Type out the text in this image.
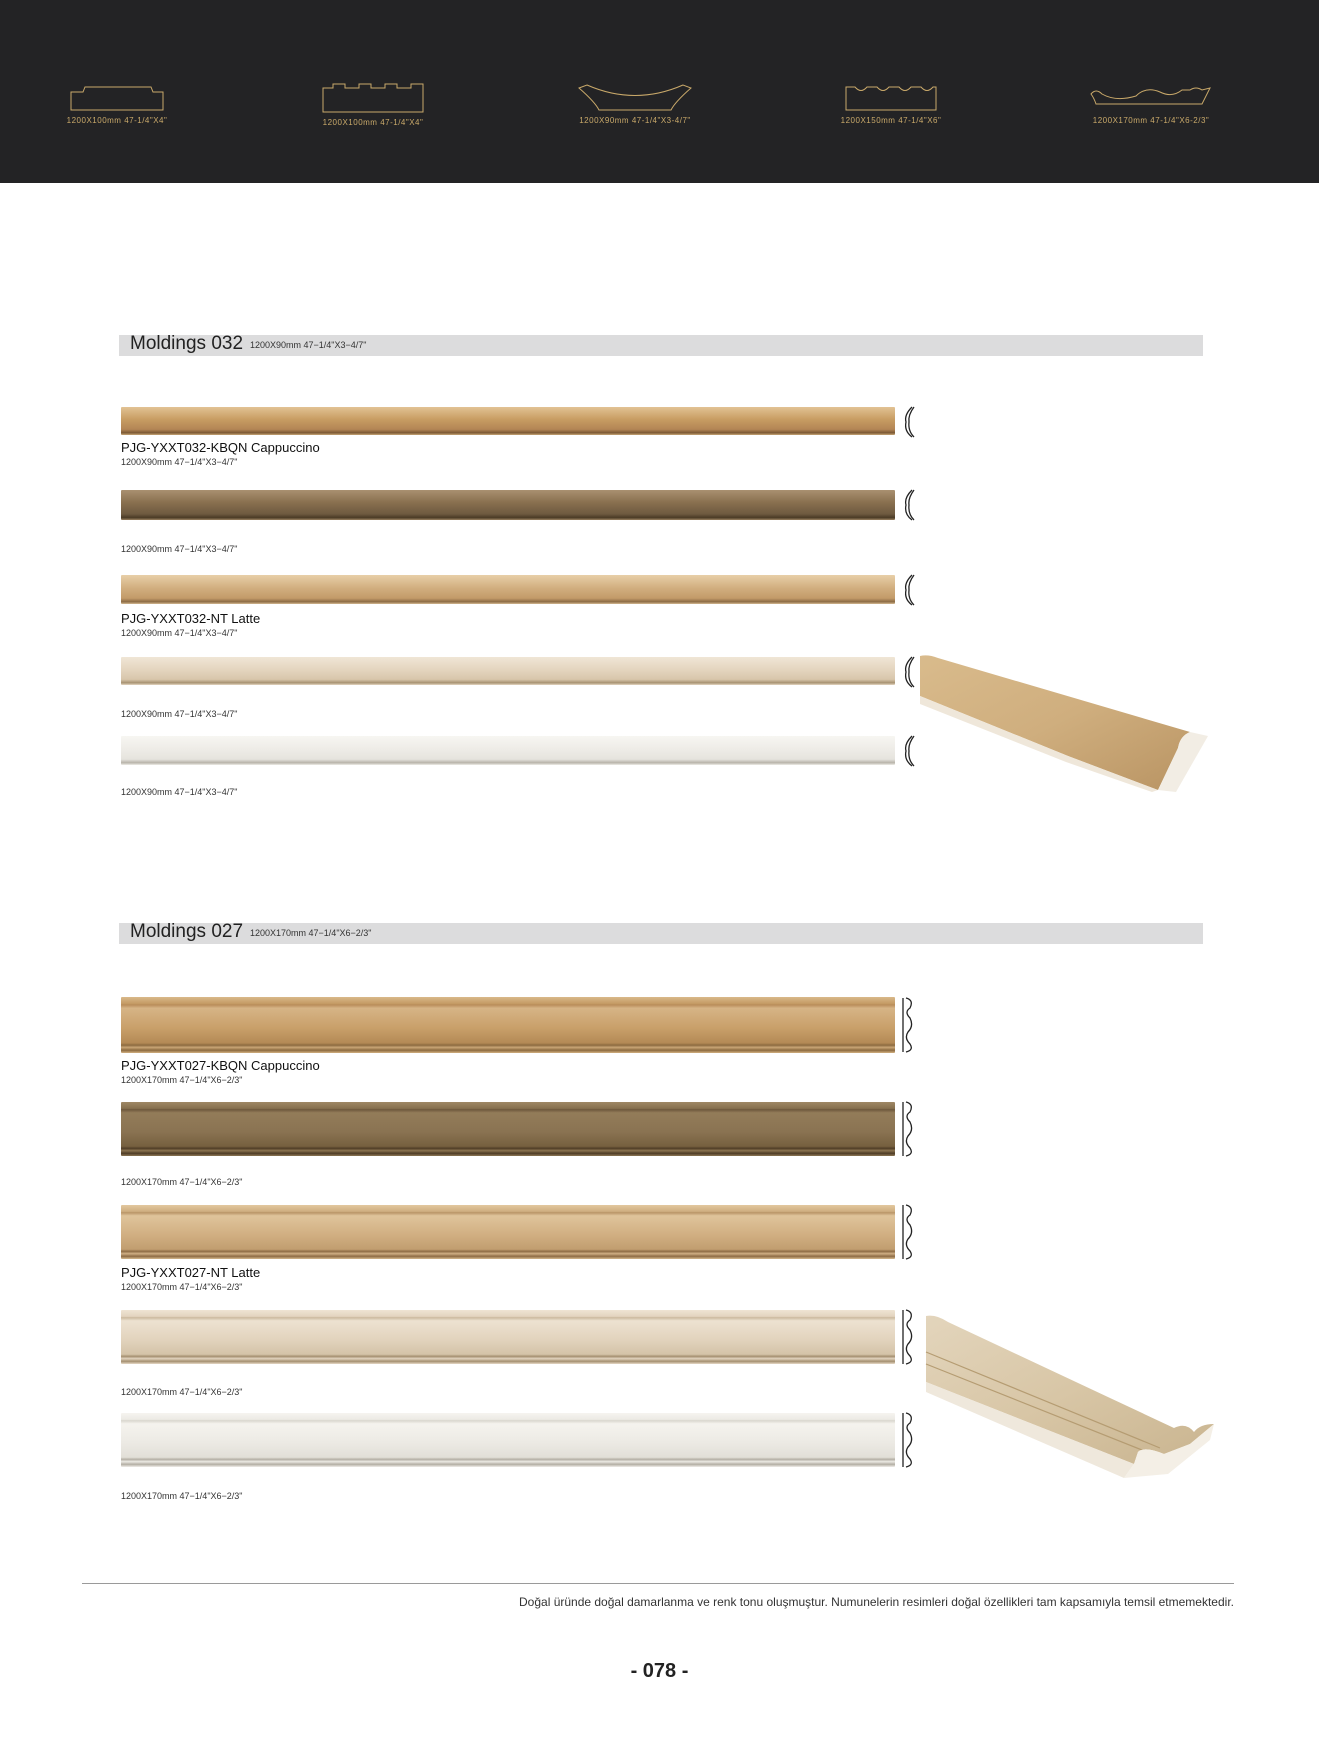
1200X100mm 47-1/4"X4"	1200X100mm 47-1/4"X4"	1200X90mm 47-1/4"X3-4/7"	1200X150mm 47-1/4"X6"	1200X170mm 47-1/4"X6-2/3"
Moldings 032 1200X90mm 47−1/4"X3−4/7"
PJG-YXXT032-KBQN Cappuccino
1200X90mm 47−1/4"X3−4/7"
1200X90mm 47−1/4"X3−4/7"
PJG-YXXT032-NT Latte
1200X90mm 47−1/4"X3−4/7"
1200X90mm 47−1/4"X3−4/7"
1200X90mm 47−1/4"X3−4/7"
Moldings 027 1200X170mm 47−1/4"X6−2/3"
PJG-YXXT027-KBQN Cappuccino
1200X170mm 47−1/4"X6−2/3"
1200X170mm 47−1/4"X6−2/3"
PJG-YXXT027-NT Latte
1200X170mm 47−1/4"X6−2/3"
1200X170mm 47−1/4"X6−2/3"
1200X170mm 47−1/4"X6−2/3"
Doğal üründe doğal damarlanma ve renk tonu oluşmuştur. Numunelerin resimleri doğal özellikleri tam kapsamıyla temsil etmemektedir.
- 078 -
